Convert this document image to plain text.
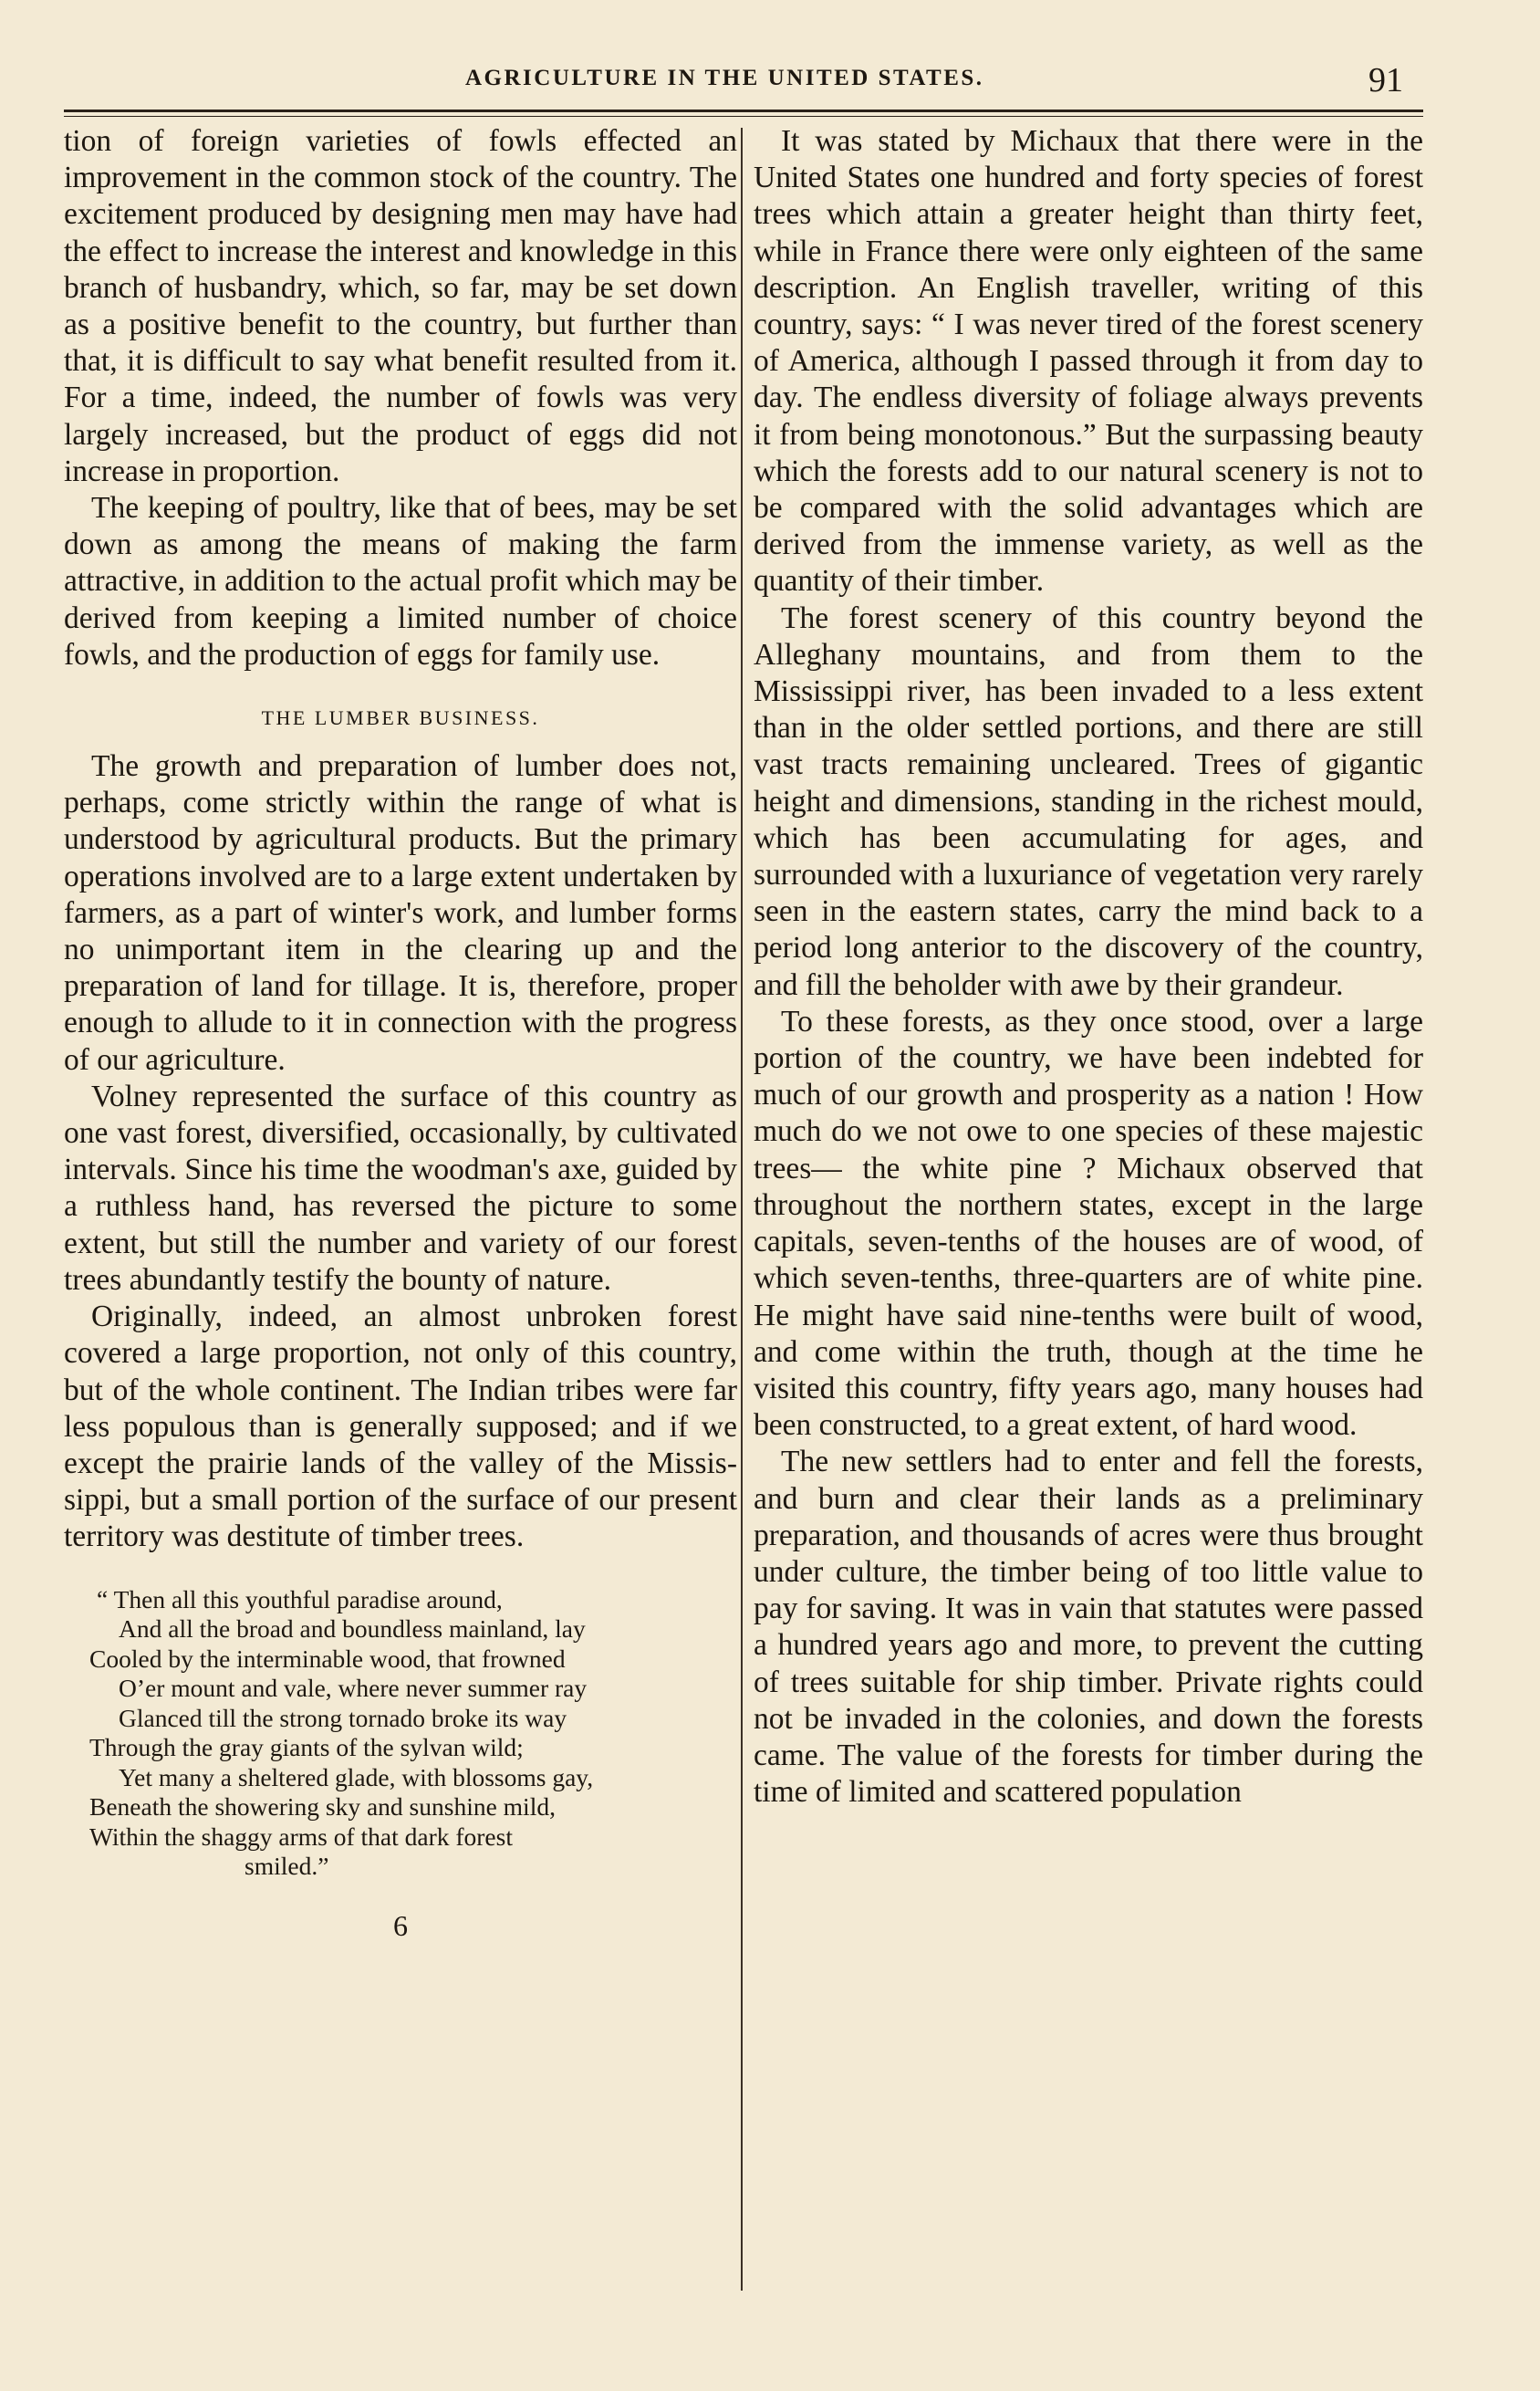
AGRICULTURE IN THE UNITED STATES.	91

tion of foreign varieties of fowls effected an improvement in the common stock of the country. The excitement produced by designing men may have had the effect to increase the interest and knowledge in this branch of husbandry, which, so far, may be set down as a positive benefit to the country, but further than that, it is difficult to say what benefit resulted from it. For a time, indeed, the number of fowls was very largely increased, but the product of eggs did not increase in proportion.

The keeping of poultry, like that of bees, may be set down as among the means of making the farm attractive, in addition to the actual profit which may be derived from keeping a limited number of choice fowls, and the production of eggs for family use.

THE LUMBER BUSINESS.

The growth and preparation of lumber does not, perhaps, come strictly within the range of what is understood by agricultural products. But the primary operations involved are to a large extent undertaken by farmers, as a part of winter's work, and lumber forms no unimportant item in the clearing up and the preparation of land for tillage. It is, therefore, proper enough to allude to it in connection with the progress of our agriculture.

Volney represented the surface of this country as one vast forest, diversified, occasionally, by cultivated intervals. Since his time the woodman's axe, guided by a ruthless hand, has reversed the picture to some extent, but still the number and variety of our forest trees abundantly testify the bounty of nature.

Originally, indeed, an almost unbroken forest covered a large proportion, not only of this country, but of the whole continent. The Indian tribes were far less populous than is generally supposed; and if we except the prairie lands of the valley of the Mississippi, but a small portion of the surface of our present territory was destitute of timber trees.

“ Then all this youthful paradise around,
And all the broad and boundless mainland, lay
Cooled by the interminable wood, that frowned
O’er mount and vale, where never summer ray
Glanced till the strong tornado broke its way
Through the gray giants of the sylvan wild;
Yet many a sheltered glade, with blossoms gay,
Beneath the showering sky and sunshine mild,
Within the shaggy arms of that dark forest
smiled.”
6

It was stated by Michaux that there were in the United States one hundred and forty species of forest trees which attain a greater height than thirty feet, while in France there were only eighteen of the same description. An English traveller, writing of this country, says: “ I was never tired of the forest scenery of America, although I passed through it from day to day. The endless diversity of foliage always prevents it from being monotonous.” But the surpassing beauty which the forests add to our natural scenery is not to be compared with the solid advantages which are derived from the immense variety, as well as the quantity of their timber.

The forest scenery of this country beyond the Alleghany mountains, and from them to the Mississippi river, has been invaded to a less extent than in the older settled portions, and there are still vast tracts remaining uncleared. Trees of gigantic height and dimensions, standing in the richest mould, which has been accumulating for ages, and surrounded with a luxuriance of vegetation very rarely seen in the eastern states, carry the mind back to a period long anterior to the discovery of the country, and fill the beholder with awe by their grandeur.

To these forests, as they once stood, over a large portion of the country, we have been indebted for much of our growth and prosperity as a nation ! How much do we not owe to one species of these majestic trees— the white pine ? Michaux observed that throughout the northern states, except in the large capitals, seven-tenths of the houses are of wood, of which seven-tenths, three-quarters are of white pine. He might have said nine-tenths were built of wood, and come within the truth, though at the time he visited this country, fifty years ago, many houses had been constructed, to a great extent, of hard wood.

The new settlers had to enter and fell the forests, and burn and clear their lands as a preliminary preparation, and thousands of acres were thus brought under culture, the timber being of too little value to pay for saving. It was in vain that statutes were passed a hundred years ago and more, to prevent the cutting of trees suitable for ship timber. Private rights could not be invaded in the colonies, and down the forests came. The value of the forests for timber during the time of limited and scattered population
